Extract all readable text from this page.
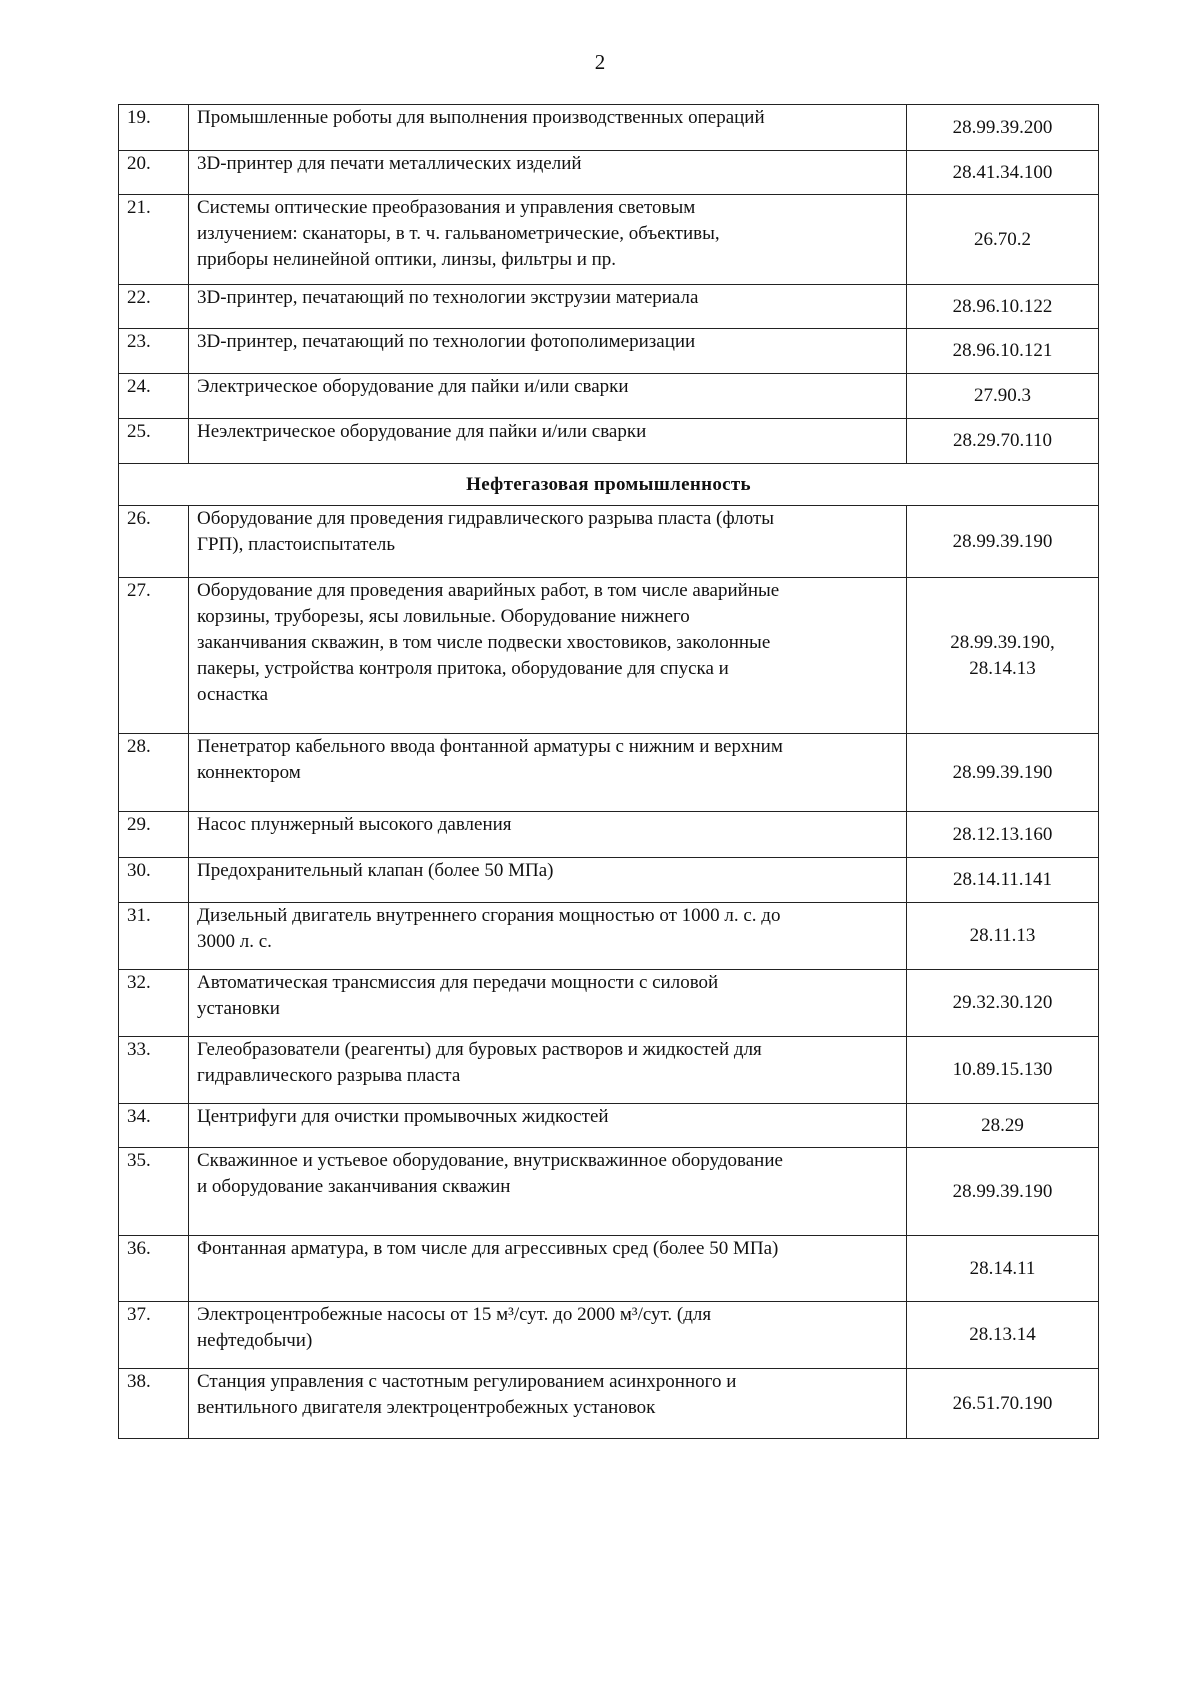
2
19.	Промышленные роботы для выполнения производственных операций	28.99.39.200

20.	3D-принтер для печати металлических изделий	28.41.34.100

21.	Системы оптические преобразования и управления световым
излучением: сканаторы, в т. ч. гальванометрические, объективы,
приборы нелинейной оптики, линзы, фильтры и пр.	26.70.2

22.	3D-принтер, печатающий по технологии экструзии материала	28.96.10.122

23.	3D-принтер, печатающий по технологии фотополимеризации	28.96.10.121

24.	Электрическое оборудование для пайки и/или сварки	27.90.3

25.	Неэлектрическое оборудование для пайки и/или сварки	28.29.70.110

Нефтегазовая промышленность		
26.	Оборудование для проведения гидравлического разрыва пласта (флоты
ГРП), пластоиспытатель	28.99.39.190

27.	Оборудование для проведения аварийных работ, в том числе аварийные
корзины, труборезы, ясы ловильные. Оборудование нижнего
заканчивания скважин, в том числе подвески хвостовиков, заколонные
пакеры, устройства контроля притока, оборудование для спуска и
оснастка	28.99.39.190,
28.14.13

28.	Пенетратор кабельного ввода фонтанной арматуры с нижним и верхним
коннектором	28.99.39.190

29.	Насос плунжерный высокого давления	28.12.13.160

30.	Предохранительный клапан (более 50 МПа)	28.14.11.141

31.	Дизельный двигатель внутреннего сгорания мощностью от 1000 л. с. до
3000 л. с.	28.11.13

32.	Автоматическая трансмиссия для передачи мощности с силовой
установки	29.32.30.120

33.	Гелеобразователи (реагенты) для буровых растворов и жидкостей для
гидравлического разрыва пласта	10.89.15.130

34.	Центрифуги для очистки промывочных жидкостей	28.29

35.	Скважинное и устьевое оборудование, внутрискважинное оборудование
и оборудование заканчивания скважин	28.99.39.190

36.	Фонтанная арматура, в том числе для агрессивных сред (более 50 МПа)	28.14.11

37.	Электроцентробежные насосы от 15 м³/сут. до 2000 м³/сут. (для
нефтедобычи)	28.13.14

38.	Станция управления с частотным регулированием асинхронного и
вентильного двигателя электроцентробежных установок	26.51.70.190
